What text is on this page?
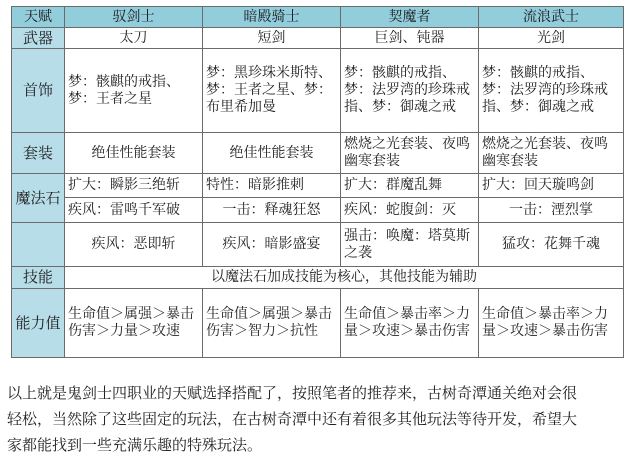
天赋	驭剑士	暗殿骑士	契魔者	流浪武士
武器	太刀	短剑	巨剑、钝器	光剑
首饰	梦：骸麒的戒指、梦：王者之星	梦：黑珍珠米斯特、梦：王者之星、梦：布里希加曼	梦：骸麒的戒指、梦：法罗湾的珍珠戒指、梦：御魂之戒	梦：骸麒的戒指、梦：法罗湾的珍珠戒指、梦：御魂之戒
套装	绝佳性能套装	绝佳性能套装	燃烧之光套装、夜鸣幽寒套装	燃烧之光套装、夜鸣幽寒套装
魔法石	扩大：瞬影三绝斩	特性：暗影推刺	扩大：群魔乱舞	扩大：回天璇鸣剑
	疾风：雷鸣千军破	一击：释魂狂怒	疾风：蛇腹剑：灭	一击：湮烈掌
	疾风：恶即斩	疾风：暗影盛宴	强击：唤魔：塔莫斯之袭	猛攻：花舞千魂
技能	以魔法石加成技能为核心，其他技能为辅助			
能力值	生命值＞属强＞暴击伤害＞力量＞攻速	生命值＞属强＞暴击伤害＞智力＞抗性	生命值＞暴击率＞力量＞攻速＞暴击伤害	生命值＞暴击率＞力量＞攻速＞暴击伤害
以上就是鬼剑士四职业的天赋选择搭配了，按照笔者的推荐来，古树奇潭通关绝对会很
轻松，当然除了这些固定的玩法，在古树奇潭中还有着很多其他玩法等待开发，希望大
家都能找到一些充满乐趣的特殊玩法。
